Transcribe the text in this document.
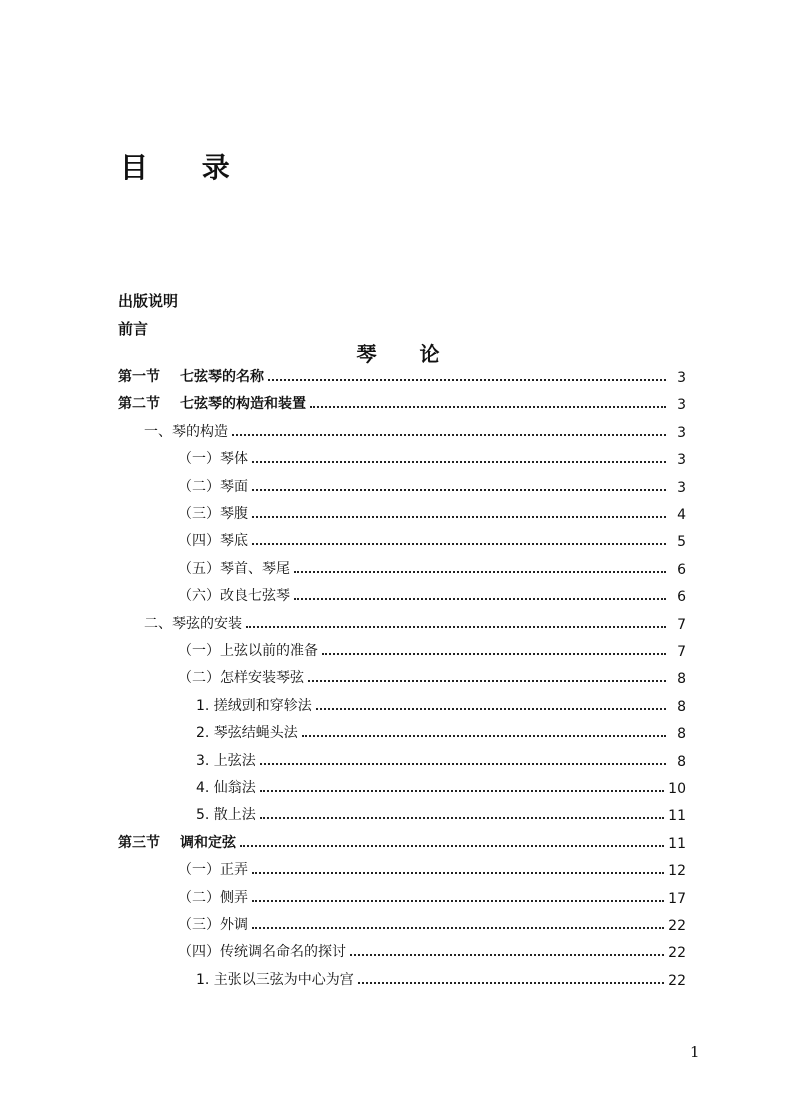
目 录
出版说明
前言
琴 论
第一节 七弦琴的名称	3
第二节 七弦琴的构造和装置	3
一、琴的构造	3
（一）琴体	3
（二）琴面	3
（三）琴腹	4
（四）琴底	5
（五）琴首、琴尾	6
（六）改良七弦琴	6
二、琴弦的安装	7
（一）上弦以前的准备	7
（二）怎样安装琴弦	8
1. 搓绒剅和穿轸法	8
2. 琴弦结蝇头法	8
3. 上弦法	8
4. 仙翁法	10
5. 散上法	11
第三节 调和定弦	11
（一）正弄	12
（二）侧弄	17
（三）外调	22
（四）传统调名命名的探讨	22
1. 主张以三弦为中心为宫	22
1
